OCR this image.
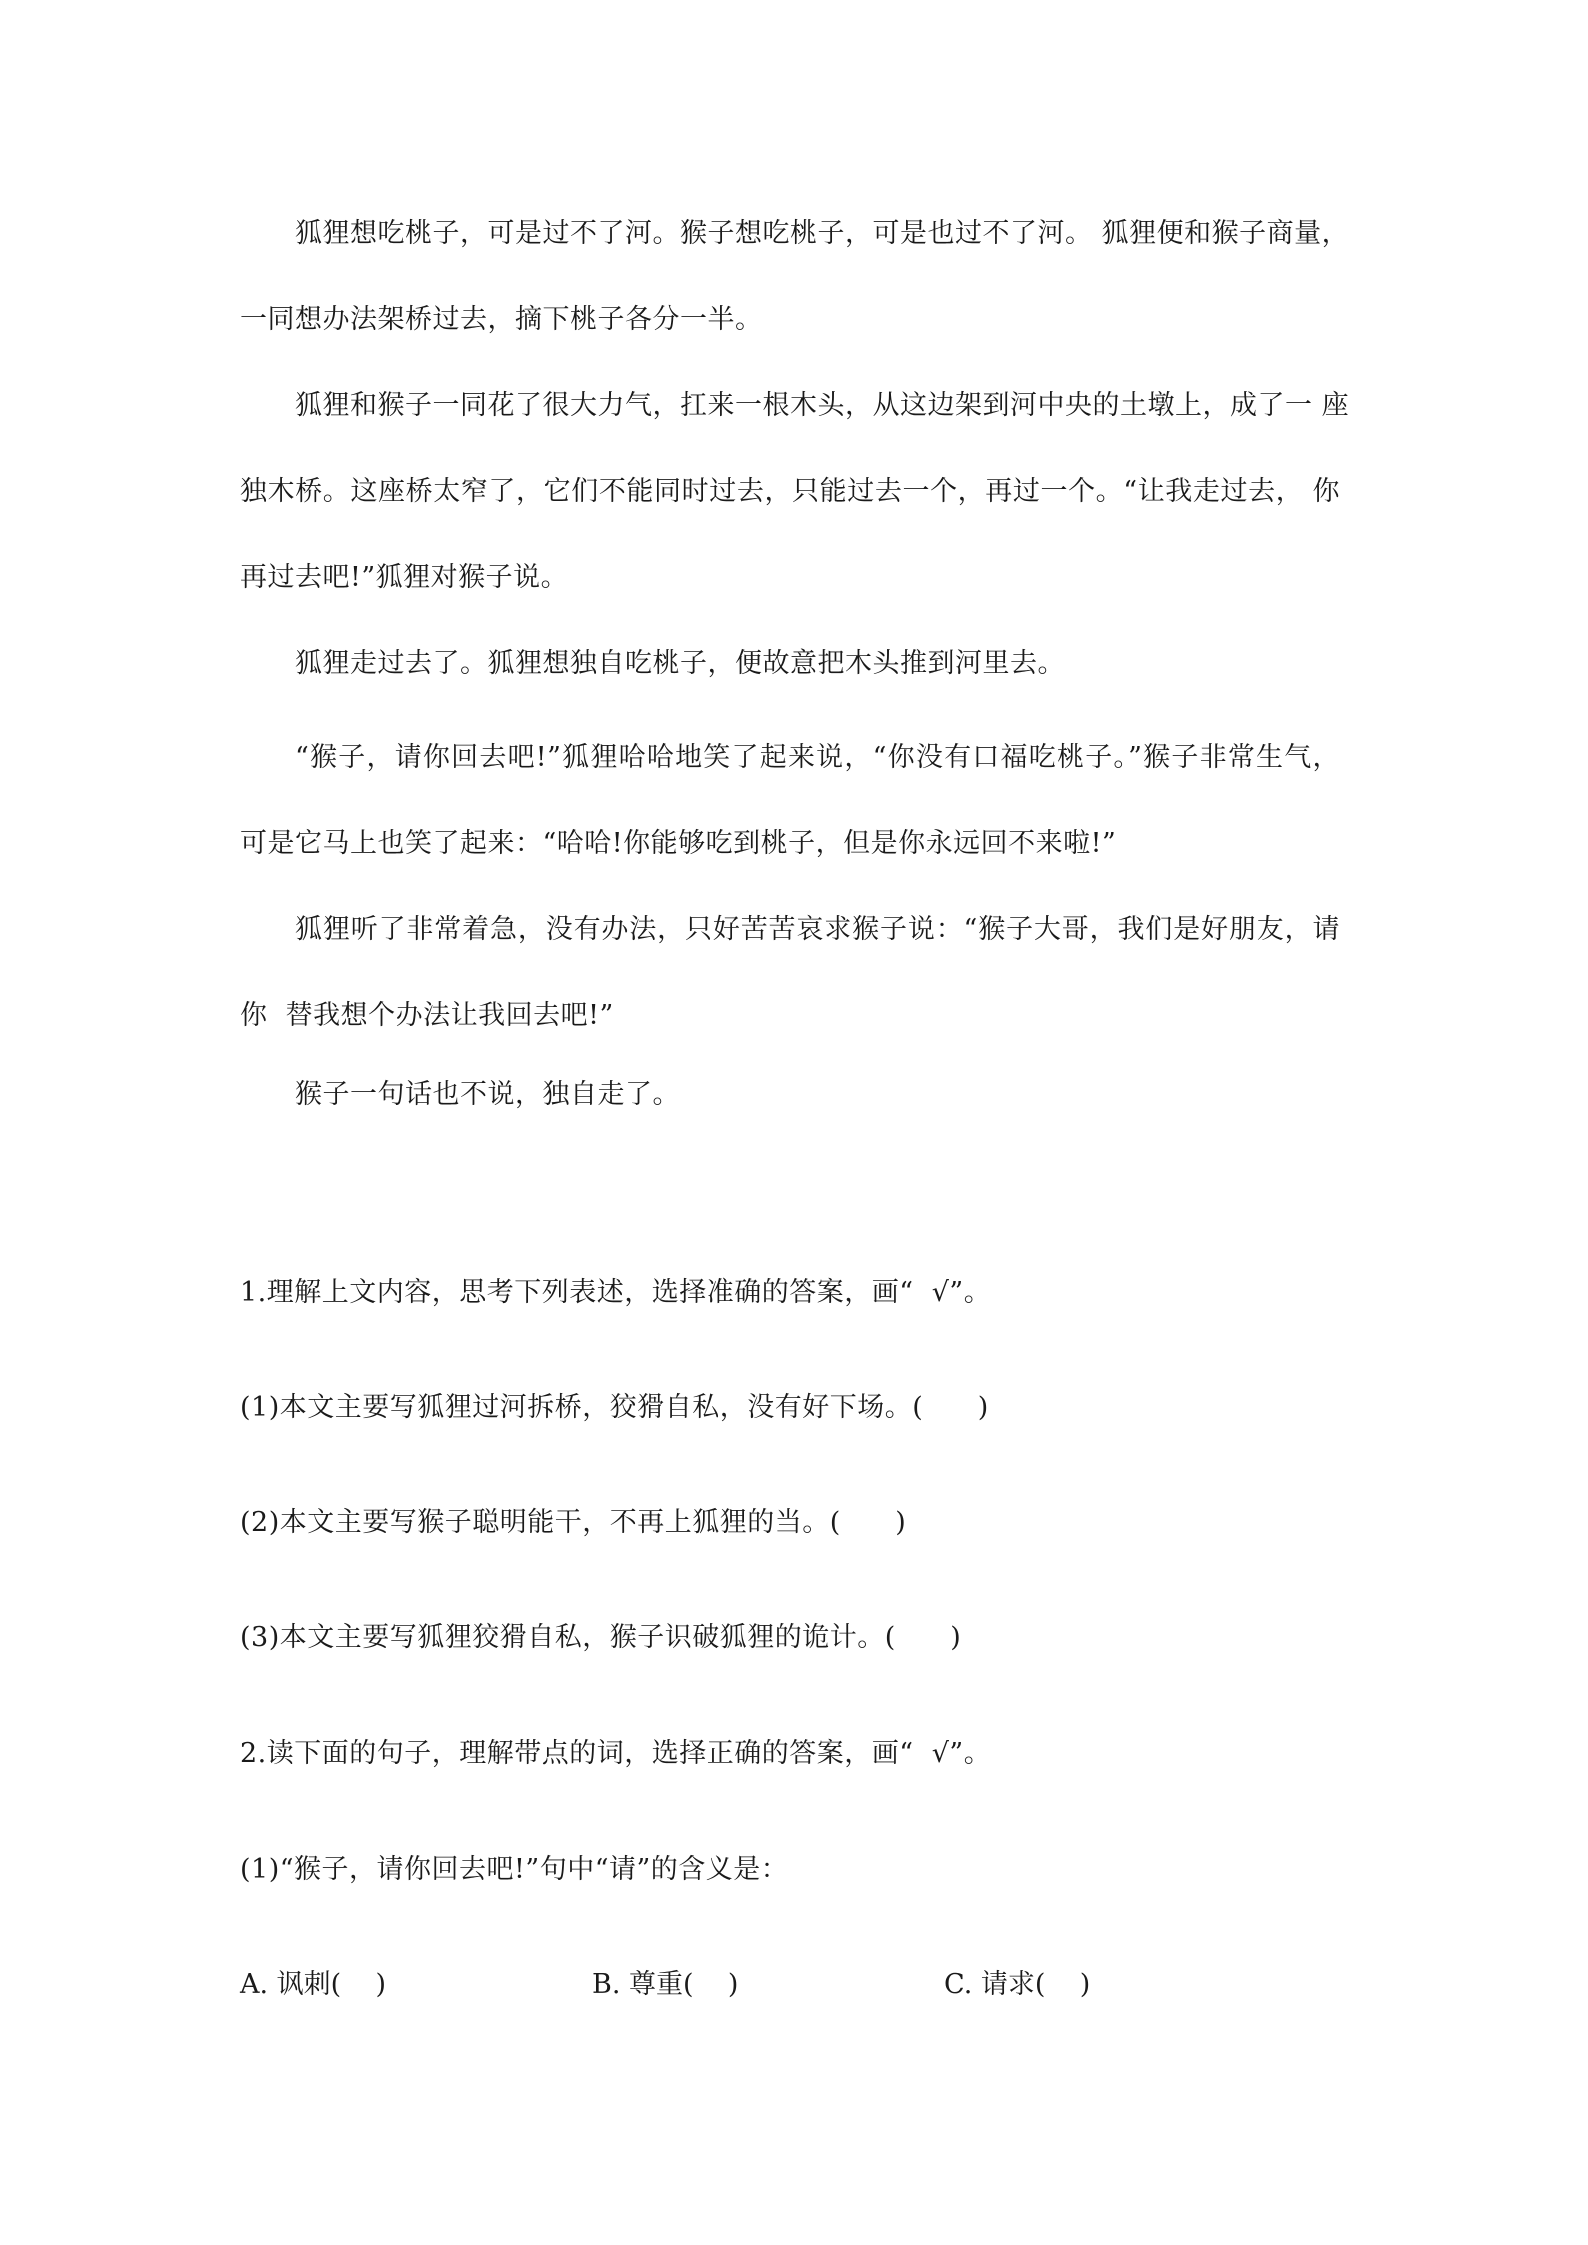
狐狸想吃桃子，可是过不了河。猴子想吃桃子，可是也过不了河。 狐狸便和猴子商量，
一同想办法架桥过去，摘下桃子各分一半。
狐狸和猴子一同花了很大力气，扛来一根木头，从这边架到河中央的土墩上，成了一 座
独木桥。这座桥太窄了，它们不能同时过去，只能过去一个，再过一个。“让我走过去， 你
再过去吧!”狐狸对猴子说。
狐狸走过去了。狐狸想独自吃桃子，便故意把木头推到河里去。
“猴子，请你回去吧!”狐狸哈哈地笑了起来说，“你没有口福吃桃子。”猴子非常生气，
可是它马上也笑了起来：“哈哈!你能够吃到桃子，但是你永远回不来啦!”
狐狸听了非常着急，没有办法，只好苦苦哀求猴子说：“猴子大哥，我们是好朋友，请
你  替我想个办法让我回去吧!”
猴子一句话也不说，独自走了。
1.理解上文内容，思考下列表述，选择准确的答案，画“  √”。
(1)本文主要写狐狸过河拆桥，狡猾自私，没有好下场。(      )
(2)本文主要写猴子聪明能干，不再上狐狸的当。(      )
(3)本文主要写狐狸狡猾自私，猴子识破狐狸的诡计。(      )
2.读下面的句子，理解带点的词，选择正确的答案，画“  √”。
(1)“猴子，请你回去吧!”句中“请”的含义是：
A. 讽刺(    )	B. 尊重(    )	C. 请求(    )
